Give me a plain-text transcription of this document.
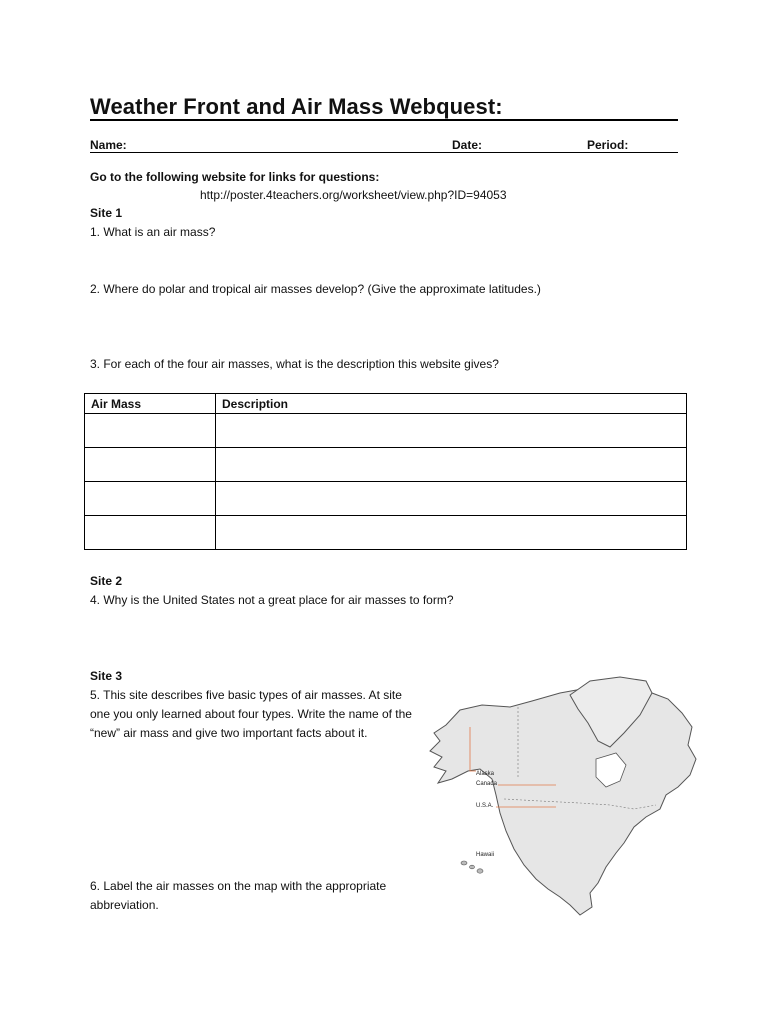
Weather Front and Air Mass Webquest:
Name:	Date:	Period:
Go to the following website for links for questions:
http://poster.4teachers.org/worksheet/view.php?ID=94053
Site 1
1. What is an air mass?
2. Where do polar and tropical air masses develop? (Give the approximate latitudes.)
3. For each of the four air masses, what is the description this website gives?
Air Mass	Description

Site 2
4. Why is the United States not a great place for air masses to form?
Site 3
5. This site describes five basic types of air masses. At site one you only learned about four types. Write the name of the “new” air mass and give two important facts about it.
6. Label the air masses on the map with the appropriate abbreviation.
Alaska
Canada
U.S.A.
Hawaii
